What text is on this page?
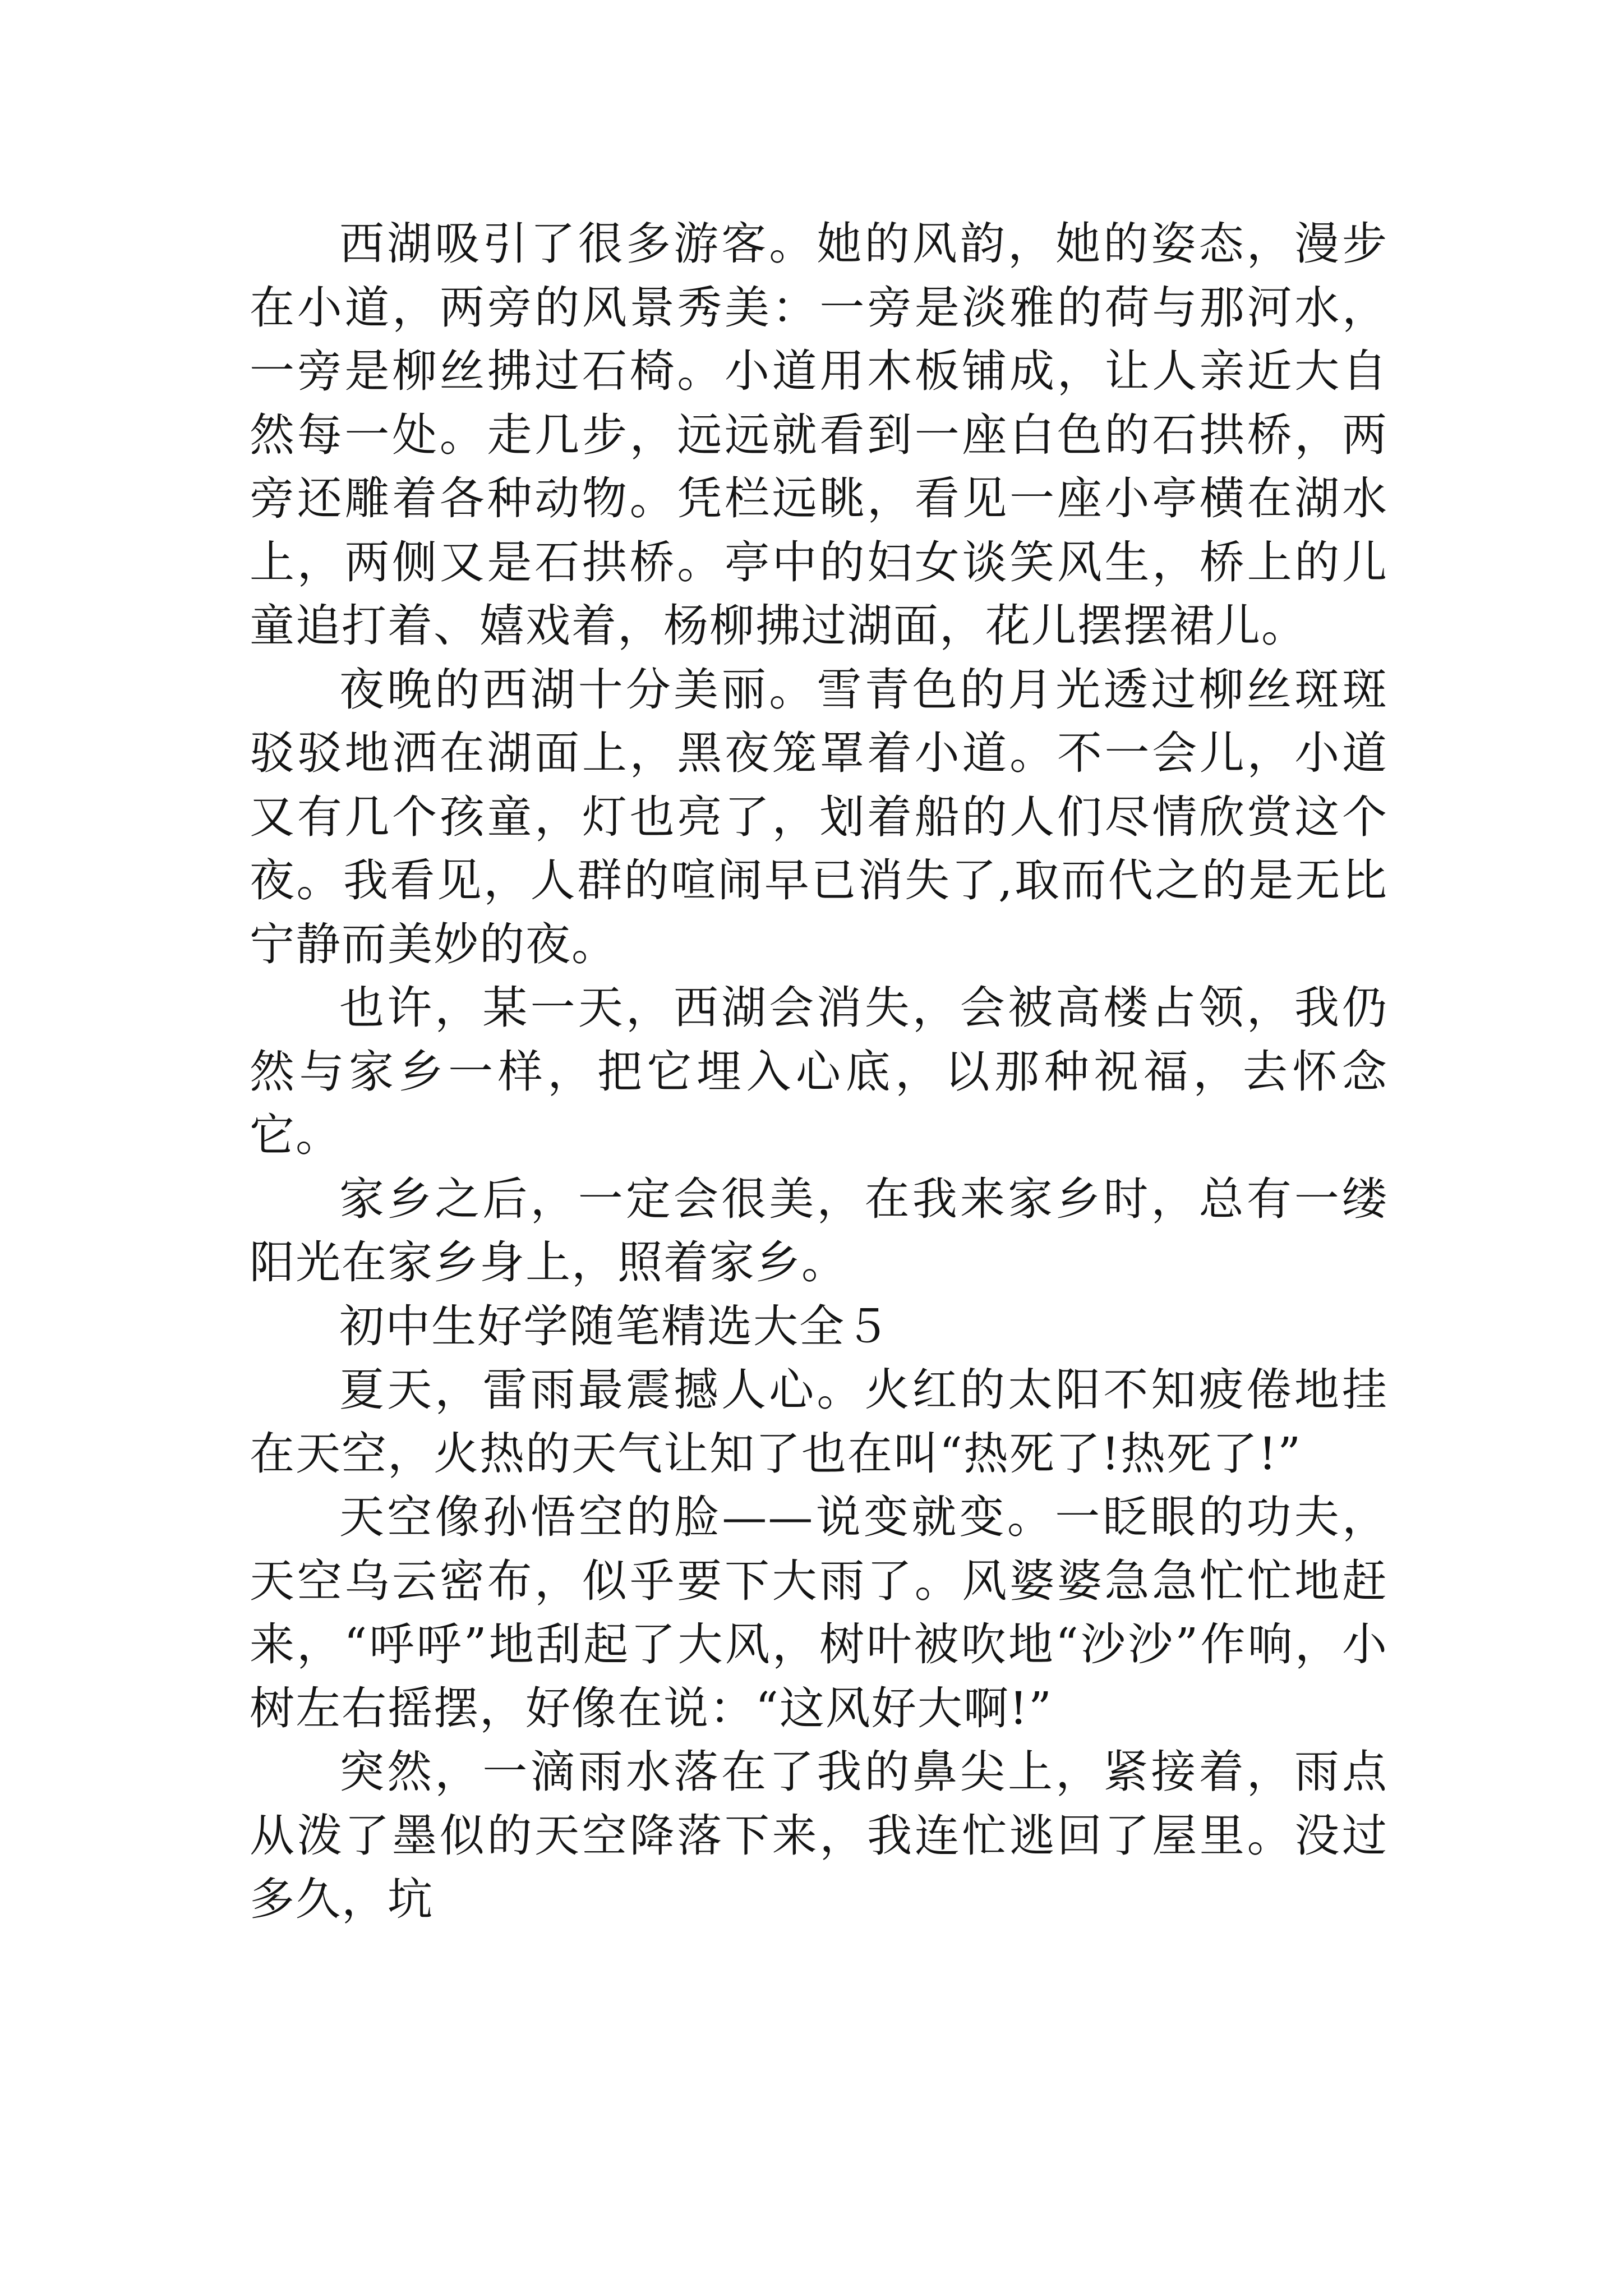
西湖吸引了很多游客。她的风韵，她的姿态，漫步在小道，两旁的风景秀美：一旁是淡雅的荷与那河水，一旁是柳丝拂过石椅。小道用木板铺成，让人亲近大自然每一处。走几步，远远就看到一座白色的石拱桥，两旁还雕着各种动物。凭栏远眺，看见一座小亭横在湖水上，两侧又是石拱桥。亭中的妇女谈笑风生，桥上的儿童追打着、嬉戏着，杨柳拂过湖面，花儿摆摆裙儿。

夜晚的西湖十分美丽。雪青色的月光透过柳丝斑斑驳驳地洒在湖面上，黑夜笼罩着小道。不一会儿，小道又有几个孩童，灯也亮了，划着船的人们尽情欣赏这个夜。我看见，人群的喧闹早已消失了,取而代之的是无比宁静而美妙的夜。

也许，某一天，西湖会消失，会被高楼占领，我仍然与家乡一样，把它埋入心底，以那种祝福，去怀念它。

家乡之后，一定会很美，在我来家乡时，总有一缕阳光在家乡身上，照着家乡。

初中生好学随笔精选大全５

夏天，雷雨最震撼人心。火红的太阳不知疲倦地挂在天空，火热的天气让知了也在叫“热死了!热死了!”

天空像孙悟空的脸——说变就变。一眨眼的功夫，天空乌云密布，似乎要下大雨了。风婆婆急急忙忙地赶来，“呼呼”地刮起了大风，树叶被吹地“沙沙”作响，小树左右摇摆，好像在说：“这风好大啊!”

突然，一滴雨水落在了我的鼻尖上，紧接着，雨点从泼了墨似的天空降落下来，我连忙逃回了屋里。没过多久，坑
